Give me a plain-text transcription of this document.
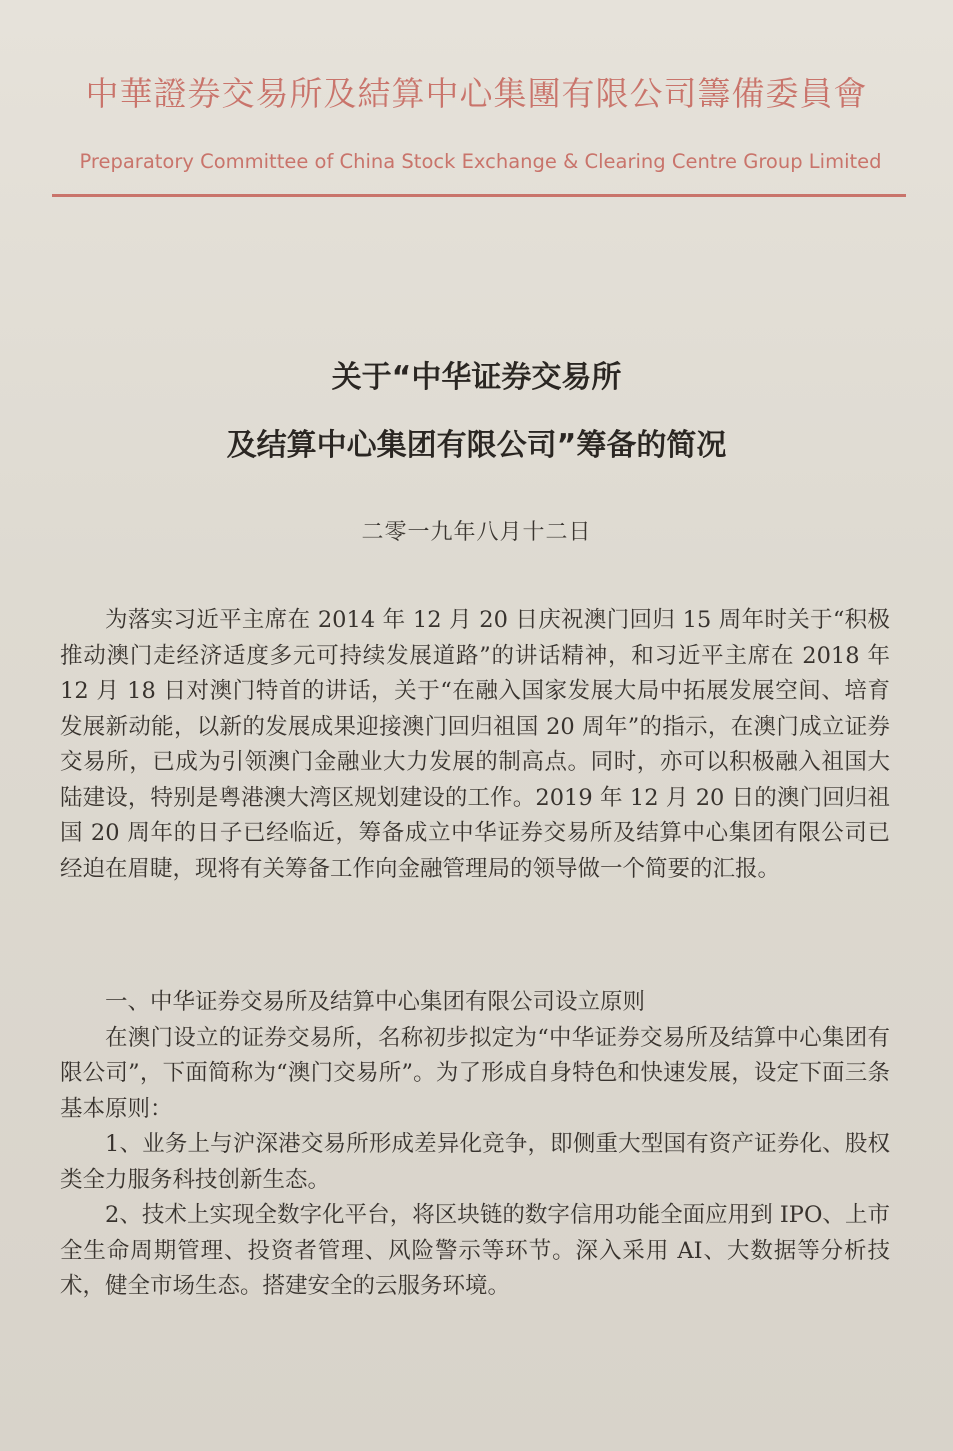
中華證券交易所及結算中心集團有限公司籌備委員會
Preparatory Committee of China Stock Exchange & Clearing Centre Group Limited
关于“中华证券交易所
及结算中心集团有限公司”筹备的简况
二零一九年八月十二日
为落实习近平主席在 2014 年 12 月 20 日庆祝澳门回归 15 周年时关于“积极推动澳门走经济适度多元可持续发展道路”的讲话精神，和习近平主席在 2018 年 12 月 18 日对澳门特首的讲话，关于“在融入国家发展大局中拓展发展空间、培育发展新动能，以新的发展成果迎接澳门回归祖国 20 周年”的指示，在澳门成立证券交易所，已成为引领澳门金融业大力发展的制高点。同时，亦可以积极融入祖国大陆建设，特别是粤港澳大湾区规划建设的工作。2019 年 12 月 20 日的澳门回归祖国 20 周年的日子已经临近，筹备成立中华证券交易所及结算中心集团有限公司已经迫在眉睫，现将有关筹备工作向金融管理局的领导做一个简要的汇报。

一、中华证券交易所及结算中心集团有限公司设立原则

在澳门设立的证券交易所，名称初步拟定为“中华证券交易所及结算中心集团有限公司”，下面简称为“澳门交易所”。为了形成自身特色和快速发展，设定下面三条基本原则：

1、业务上与沪深港交易所形成差异化竞争，即侧重大型国有资产证券化、股权类全力服务科技创新生态。

2、技术上实现全数字化平台，将区块链的数字信用功能全面应用到 IPO、上市全生命周期管理、投资者管理、风险警示等环节。深入采用 AI、大数据等分析技术，健全市场生态。搭建安全的云服务环境。
